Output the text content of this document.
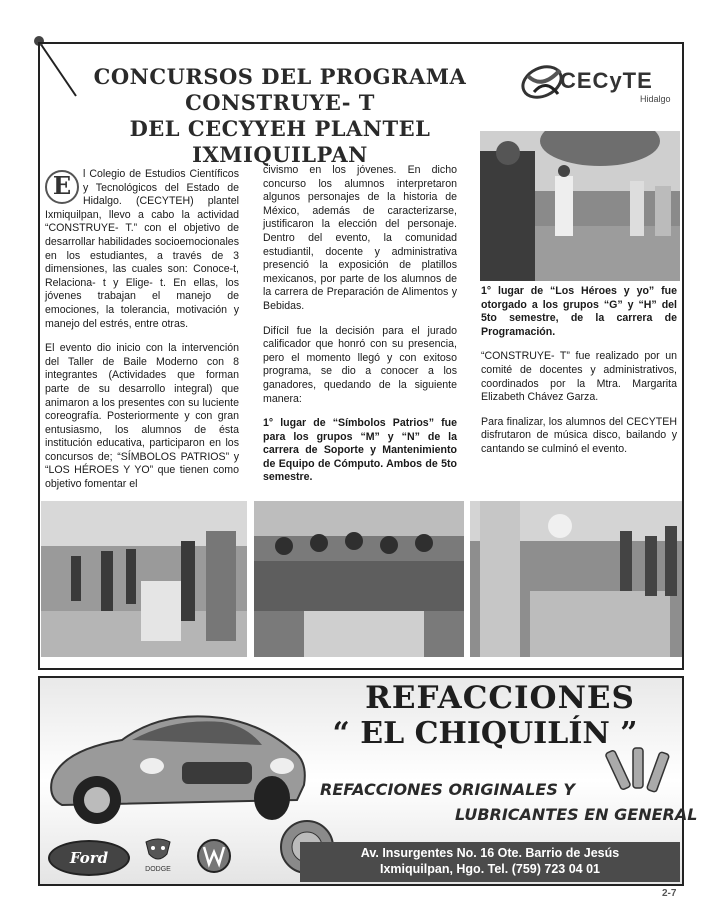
CONCURSOS DEL PROGRAMA CONSTRUYE- T
DEL CECYYEH PLANTEL IXMIQUILPAN
CECyTE
Hidalgo

E	l Colegio de Estudios Científicos y Tecnológicos del Estado de Hidalgo. (CECYTEH) plantel Ixmiquilpan, llevo a cabo la actividad “CONSTRUYE- T.” con el objetivo de desarrollar habilidades socioemocionales en los estudiantes, a través de 3 dimensiones, las cuales son: Conoce-t, Relaciona- t y Elige- t. En ellas, los jóvenes trabajan el manejo de emociones, la tolerancia, motivación y manejo del estrés, entre otras.

El evento dio inicio con la intervención del Taller de Baile Moderno con 8 integrantes (Actividades que forman parte de su desarrollo integral) que animaron a los presentes con su luciente coreografía. Posteriormente y con gran entusiasmo, los alumnos de ésta institución educativa, participaron en los concursos de; “SÍMBOLOS PATRIOS” y “LOS HÉROES Y YO” que tienen como objetivo fomentar el

civismo en los jóvenes. En dicho concurso los alumnos interpretaron algunos personajes de la historia de México, además de caracterizarse, justificaron la elección del personaje. Dentro del evento, la comunidad estudiantil, docente y administrativa presenció la exposición de platillos mexicanos, por parte de los alumnos de la carrera de Preparación de Alimentos y Bebidas.

Difícil fue la decisión para el jurado calificador que honró con su presencia, pero el momento llegó y con exitoso programa, se dio a conocer a los ganadores, quedando de la siguiente manera:

1° lugar de “Símbolos Patrios” fue para los grupos “M” y “N” de la carrera de Soporte y Mantenimiento de Equipo de Cómputo. Ambos de 5to semestre.

1° lugar de “Los Héroes y yo” fue otorgado a los grupos “G” y “H” del 5to semestre, de la carrera de Programación.

“CONSTRUYE- T” fue realizado por un comité de docentes y administrativos, coordinados por la Mtra. Margarita Elizabeth Chávez Garza.

Para finalizar, los alumnos del CECYTEH disfrutaron de música disco, bailando y cantando se culminó el evento.

REFACCIONES
“ EL CHIQUILÍN ”
REFACCIONES ORIGINALES Y
LUBRICANTES EN GENERAL
Av. Insurgentes No. 16 Ote. Barrio de Jesús
Ixmiquilpan, Hgo. Tel. (759) 723 04 01
Ford
DODGE
2-7
